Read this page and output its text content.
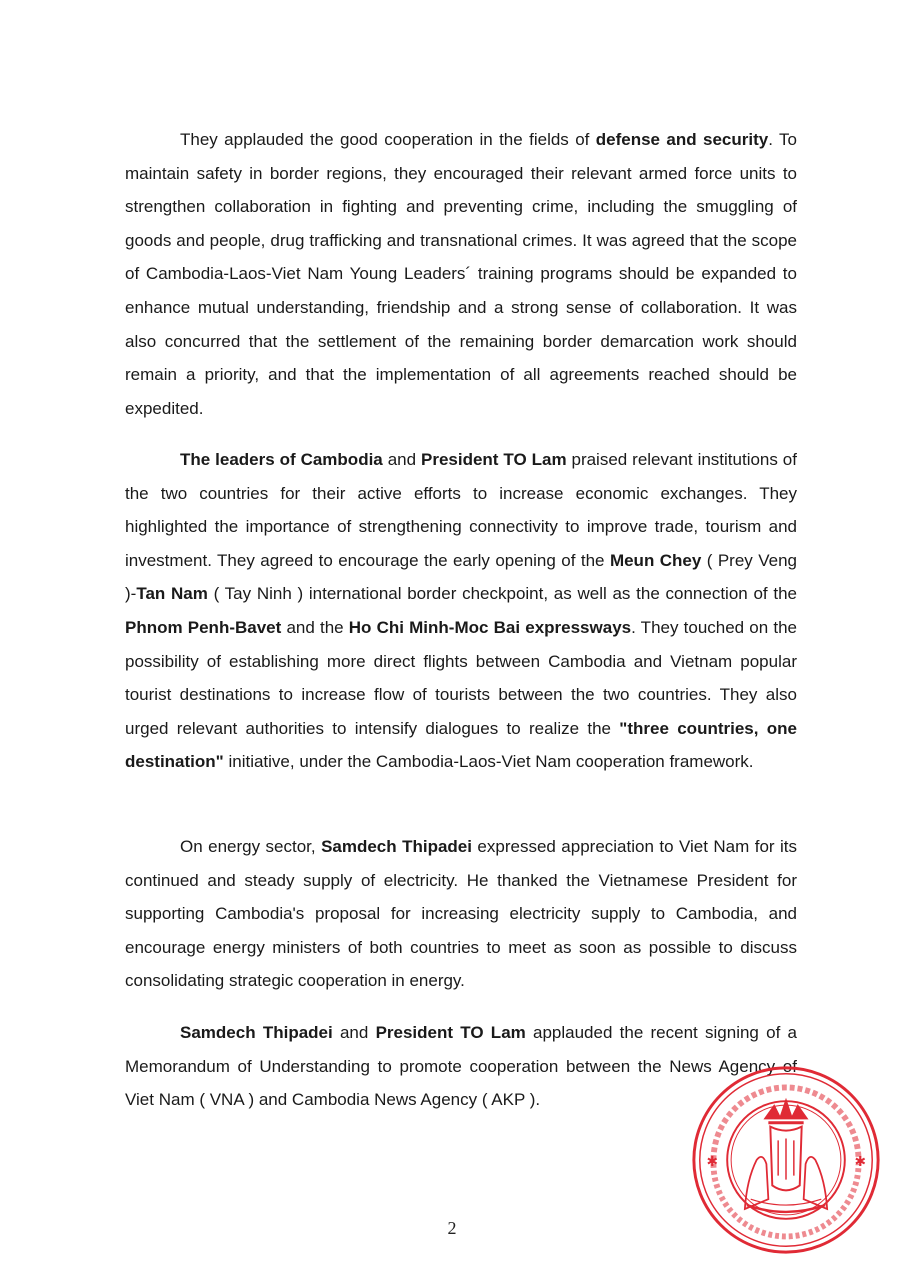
They applauded the good cooperation in the fields of defense and security. To maintain safety in border regions, they encouraged their relevant armed force units to strengthen collaboration in fighting and preventing crime, including the smuggling of goods and people, drug trafficking and transnational crimes. It was agreed that the scope of Cambodia-Laos-Viet Nam Young Leaders´ training programs should be expanded to enhance mutual understanding, friendship and a strong sense of collaboration. It was also concurred that the settlement of the remaining border demarcation work should remain a priority, and that the implementation of all agreements reached should be expedited.

The leaders of Cambodia and President TO Lam praised relevant institutions of the two countries for their active efforts to increase economic exchanges. They highlighted the importance of strengthening connectivity to improve trade, tourism and investment. They agreed to encourage the early opening of the Meun Chey ( Prey Veng )-Tan Nam ( Tay Ninh ) international border checkpoint, as well as the connection of the Phnom Penh-Bavet and the Ho Chi Minh-Moc Bai expressways. They touched on the possibility of establishing more direct flights between Cambodia and Vietnam popular tourist destinations to increase flow of tourists between the two countries. They also urged relevant authorities to intensify dialogues to realize the "three countries, one destination" initiative, under the Cambodia-Laos-Viet Nam cooperation framework.

On energy sector, Samdech Thipadei expressed appreciation to Viet Nam for its continued and steady supply of electricity. He thanked the Vietnamese President for supporting Cambodia's proposal for increasing electricity supply to Cambodia, and encourage energy ministers of both countries to meet as soon as possible to discuss consolidating strategic cooperation in energy.

Samdech Thipadei and President TO Lam applauded the recent signing of a Memorandum of Understanding to promote cooperation between the News Agency of Viet Nam ( VNA ) and Cambodia News Agency ( AKP ).

✱	✱
2
